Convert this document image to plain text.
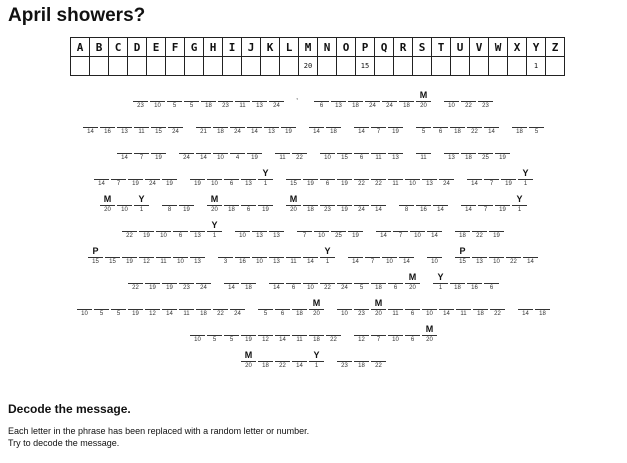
April showers?
A	B	C	D	E	F	G	H	I	J	K	L	M	N	O	P	Q	R	S	T	U	V	W	X	Y	Z
												20			15									1	
23	10	5	5	18	23	11	13	24
,
6	13	18	24	24	18
M
20	10	22	23
14	16	13	11	15	24	21	18	24	14	13	19	14	18	14	7	19	5	6	18	22	14	18	5
14	7	19	24	14	10	4	19	11	22	10	15	6	11	13	11	13	18	25	19
14	7	19	24	19	19	10	6	13
Y
1	15	19	6	19	22	22	11	10	13	24	14	7	19
Y
1
M
20	10
Y
1	8	19
M
20	18	6	19
M
20	18	23	19	24	14	8	16	14	14	7	19
Y
1
22	19	10	6	13
Y
1	10	13	13	7	10	25	19	14	7	10	14	18	22	19
P
15	15	19	12	11	10	13	3	16	10	13	11	14
Y
1	14	7	10	14	10
P
15	13	10	22	14
22	19	19	23	24	14	18	14	6	10	22	24	5	18	6
M
20
Y
1	18	16	6
10	5	5	19	12	14	11	18	22	24	5	6	18
M
20	10	23
M
20	11	6	10	14	11	18	22	14	18
10	5	5	19	12	14	11	18	22	12	7	10	6
M
20
M
20	18	22	14
Y
1	23	18	22
Decode the message.

Each letter in the phrase has been replaced with a random letter or number.

Try to decode the message.
